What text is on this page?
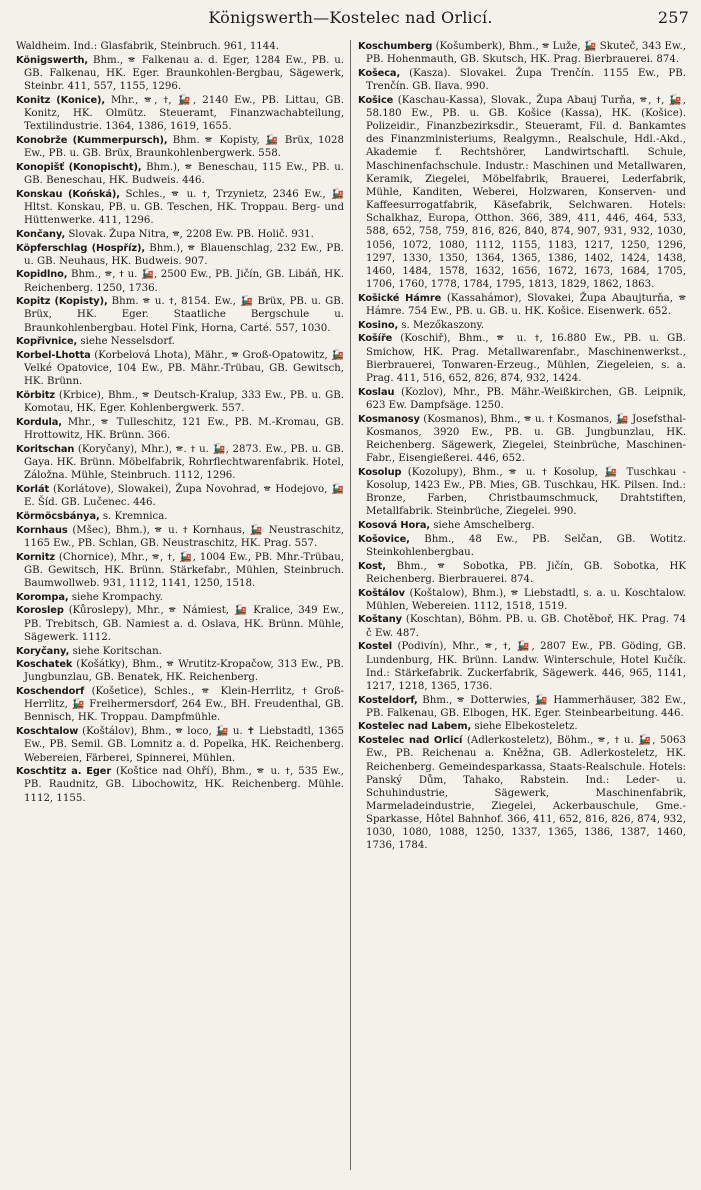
Königswerth—Kostelec nad Orlicí.	257

Waldheim. Ind.: Glasfabrik, Steinbruch. 961, 1144.

Königswerth, Bhm., 🕿 Falkenau a. d. Eger, 1284 Ew., PB. u. GB. Falkenau, HK. Eger. Braunkohlen-Bergbau, Sägewerk, Steinbr. 411, 557, 1155, 1296.

Konitz (Konice), Mhr., 🕿, ✝, 🚂, 2140 Ew., PB. Littau, GB. Konitz, HK. Olmütz. Steueramt, Finanzwachabteilung, Textilindustrie. 1364, 1386, 1619, 1655.

Konobrže (Kummerpursch), Bhm. 🕿 Kopisty, 🚂 Brüx, 1028 Ew., PB. u. GB. Brüx, Braunkohlenbergwerk. 558.

Konopišť (Konopischt), Bhm.), 🕿 Beneschau, 115 Ew., PB. u. GB. Beneschau, HK. Budweis. 446.

Konskau (Końská), Schles., 🕿 u. ✝, Trzynietz, 2346 Ew., 🚂 Hltst. Konskau, PB. u. GB. Teschen, HK. Troppau. Berg- und Hüttenwerke. 411, 1296.

Končany, Slovak. Župa Nitra, 🕿, 2208 Ew. PB. Holič. 931.

Köpferschlag (Hospříz), Bhm.), 🕿 Blauenschlag, 232 Ew., PB. u. GB. Neuhaus, HK. Budweis. 907.

Kopidlno, Bhm., 🕿, ✝ u. 🚂, 2500 Ew., PB. Jičín, GB. Libáň, HK. Reichenberg. 1250, 1736.

Kopitz (Kopisty), Bhm. 🕿 u. ✝, 8154. Ew., 🚂 Brüx, PB. u. GB. Brüx, HK. Eger. Staatliche Bergschule u. Braunkohlenbergbau. Hotel Fink, Horna, Carté. 557, 1030.

Kopřivnice, siehe Nesselsdorf.

Korbel-Lhotta (Korbelová Lhota), Mähr., 🕿 Groß-Opatowitz, 🚂 Velké Opatovice, 104 Ew., PB. Mähr.-Trübau, GB. Gewitsch, HK. Brünn.

Körbitz (Krbice), Bhm., 🕿 Deutsch-Kralup, 333 Ew., PB. u. GB. Komotau, HK. Eger. Kohlenbergwerk. 557.

Kordula, Mhr., 🕿 Tulleschitz, 121 Ew., PB. M.-Kromau, GB. Hrottowitz, HK. Brünn. 366.

Koritschan (Koryčany), Mhr.), 🕿. ✝ u. 🚂, 2873. Ew., PB. u. GB. Gaya. HK. Brünn. Möbelfabrik, Rohrflechtwarenfabrik. Hotel, Záložna. Mühle, Steinbruch. 1112, 1296.

Korlát (Korlátove), Slowakei), Župa Novohrad, 🕿 Hodejovo, 🚂 E. Šíd. GB. Lučenec. 446.

Körmöcsbánya, s. Kremnica.

Kornhaus (Mšec), Bhm.), 🕿 u. ✝ Kornhaus, 🚂 Neustraschitz, 1165 Ew., PB. Schlan, GB. Neustraschitz, HK. Prag. 557.

Kornitz (Chornice), Mhr., 🕿, ✝, 🚂, 1004 Ew., PB. Mhr.-Trübau, GB. Gewitsch, HK. Brünn. Stärkefabr., Mühlen, Steinbruch. Baumwollweb. 931, 1112, 1141, 1250, 1518.

Korompa, siehe Krompachy.

Koroslep (Kůroslepy), Mhr., 🕿 Námiest, 🚂 Kralice, 349 Ew., PB. Trebitsch, GB. Namiest a. d. Oslava, HK. Brünn. Mühle, Sägewerk. 1112.

Koryčany, siehe Koritschan.

Koschatek (Košátky), Bhm., 🕿 Wrutitz-Kropačow, 313 Ew., PB. Jungbunzlau, GB. Benatek, HK. Reichenberg.

Koschendorf (Košetice), Schles., 🕿 Klein-Herrlitz, ✝ Groß-Herrlitz, 🚂 Freihermersdorf, 264 Ew., BH. Freudenthal, GB. Bennisch, HK. Troppau. Dampfmühle.

Koschtalow (Koštálov), Bhm., 🕿 loco, 🚂 u. ✝ Liebstadtl, 1365 Ew., PB. Semil. GB. Lomnitz a. d. Popelka, HK. Reichenberg. Webereien, Färberei, Spinnerei, Mühlen.

Koschtitz a. Eger (Koštice nad Ohří), Bhm., 🕿 u. ✝, 535 Ew., PB. Raudnitz, GB. Libochowitz, HK. Reichenberg. Mühle. 1112, 1155.

Koschumberg (Košumberk), Bhm., 🕿 Luže, 🚂 Skuteč, 343 Ew., PB. Hohenmauth, GB. Skutsch, HK. Prag. Bierbrauerei. 874.

Košeca, (Kasza). Slovakei. Župa Trenčín. 1155 Ew., PB. Trenčín. GB. Ilava. 990.

Košice (Kaschau-Kassa), Slovak., Župa Abauj Turňa, 🕿, ✝, 🚂, 58.180 Ew., PB. u. GB. Košice (Kassa), HK. (Košice). Polizeidir., Finanzbezirksdir., Steueramt, Fil. d. Bankamtes des Finanzministeriums, Realgymn., Realschule, Hdl.-Akd., Akademie f. Rechtshörer, Landwirtschaftl. Schule, Maschinenfachschule. Industr.: Maschinen und Metallwaren, Keramik, Ziegelei, Möbelfabrik, Brauerei, Lederfabrik, Mühle, Kanditen, Weberei, Holzwaren, Konserven- und Kaffeesurrogatfabrik, Käsefabrik, Selchwaren. Hotels: Schalkhaz, Europa, Otthon. 366, 389, 411, 446, 464, 533, 588, 652, 758, 759, 816, 826, 840, 874, 907, 931, 932, 1030, 1056, 1072, 1080, 1112, 1155, 1183, 1217, 1250, 1296, 1297, 1330, 1350, 1364, 1365, 1386, 1402, 1424, 1438, 1460, 1484, 1578, 1632, 1656, 1672, 1673, 1684, 1705, 1706, 1760, 1778, 1784, 1795, 1813, 1829, 1862, 1863.

Košické Hámre (Kassahámor), Slovakei, Župa Abaujturňa, 🕿 Hámre. 754 Ew., PB. u. GB. u. HK. Košice. Eisenwerk. 652.

Kosino, s. Mezőkaszony.

Košíře (Koschiř), Bhm., 🕿 u. ✝, 16.880 Ew., PB. u. GB. Smichow, HK. Prag. Metallwarenfabr., Maschinenwerkst., Bierbrauerei, Tonwaren-Erzeug., Mühlen, Ziegeleien, s. a. Prag. 411, 516, 652, 826, 874, 932, 1424.

Koslau (Kozlov), Mhr., PB. Mähr.-Weißkirchen, GB. Leipnik, 623 Ew. Dampfsäge. 1250.

Kosmanosy (Kosmanos), Bhm., 🕿 u. ✝ Kosmanos, 🚂 Josefsthal-Kosmanos, 3920 Ew., PB. u. GB. Jungbunzlau, HK. Reichenberg. Sägewerk, Ziegelei, Steinbrüche, Maschinen-Fabr., Eisengießerei. 446, 652.

Kosolup (Kozolupy), Bhm., 🕿 u. ✝ Kosolup, 🚂 Tuschkau - Kosolup, 1423 Ew., PB. Mies, GB. Tuschkau, HK. Pilsen. Ind.: Bronze, Farben, Christbaumschmuck, Drahtstiften, Metallfabrik. Steinbrüche, Ziegelei. 990.

Kosová Hora, siehe Amschelberg.

Košovice, Bhm., 48 Ew., PB. Selčan, GB. Wotitz. Steinkohlenbergbau.

Kost, Bhm., 🕿 Sobotka, PB. Jičín, GB. Sobotka, HK Reichenberg. Bierbrauerei. 874.

Koštálov (Koštalow), Bhm.), 🕿 Liebstadtl, s. a. u. Koschtalow. Mühlen, Webereien. 1112, 1518, 1519.

Koštany (Koschtan), Böhm. PB. u. GB. Chotěboř, HK. Prag. 74 č Ew. 487.

Kostel (Podivín), Mhr., 🕿, ✝, 🚂, 2807 Ew., PB. Göding, GB. Lundenburg, HK. Brünn. Landw. Winterschule, Hotel Kučík. Ind.: Stärkefabrik. Zuckerfabrik, Sägewerk. 446, 965, 1141, 1217, 1218, 1365, 1736.

Kosteldorf, Bhm., 🕿 Dotterwies, 🚂 Hammerhäuser, 382 Ew., PB. Falkenau, GB. Elbogen, HK. Eger. Steinbearbeitung. 446.

Kostelec nad Labem, siehe Elbekosteletz.

Kostelec nad Orlicí (Adlerkosteletz), Böhm., 🕿, ✝ u. 🚂, 5063 Ew., PB. Reichenau a. Kněžna, GB. Adlerkosteletz, HK. Reichenberg. Gemeindesparkassa, Staats-Realschule. Hotels: Panský Dům, Tahako, Rabstein. Ind.: Leder- u. Schuhindustrie, Sägewerk, Maschinenfabrik, Marmeladeindustrie, Ziegelei, Ackerbauschule, Gme.-Sparkasse, Hôtel Bahnhof. 366, 411, 652, 816, 826, 874, 932, 1030, 1080, 1088, 1250, 1337, 1365, 1386, 1387, 1460, 1736, 1784.
